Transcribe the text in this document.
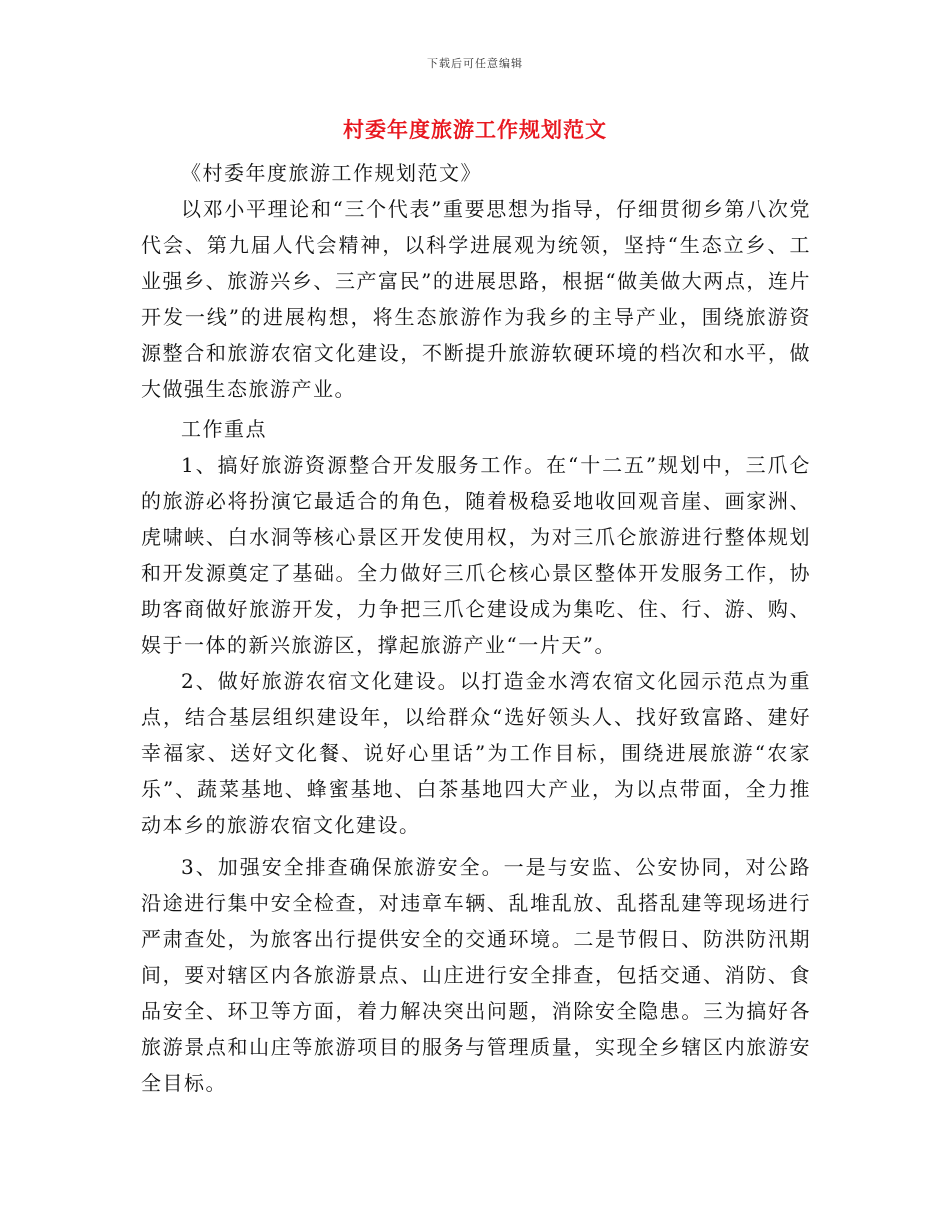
下载后可任意编辑
村委年度旅游工作规划范文

《村委年度旅游工作规划范文》

以邓小平理论和“三个代表”重要思想为指导，仔细贯彻乡第八次党代会、第九届人代会精神，以科学进展观为统领，坚持“生态立乡、工业强乡、旅游兴乡、三产富民”的进展思路，根据“做美做大两点，连片开发一线”的进展构想，将生态旅游作为我乡的主导产业，围绕旅游资源整合和旅游农宿文化建设，不断提升旅游软硬环境的档次和水平，做大做强生态旅游产业。

工作重点

1、搞好旅游资源整合开发服务工作。在“十二五”规划中，三爪仑的旅游必将扮演它最适合的角色，随着极稳妥地收回观音崖、画家洲、虎啸峡、白水洞等核心景区开发使用权，为对三爪仑旅游进行整体规划和开发源奠定了基础。全力做好三爪仑核心景区整体开发服务工作，协助客商做好旅游开发，力争把三爪仑建设成为集吃、住、行、游、购、娱于一体的新兴旅游区，撑起旅游产业“一片天”。

2、做好旅游农宿文化建设。以打造金水湾农宿文化园示范点为重点，结合基层组织建设年，以给群众“选好领头人、找好致富路、建好幸福家、送好文化餐、说好心里话”为工作目标，围绕进展旅游“农家乐”、蔬菜基地、蜂蜜基地、白茶基地四大产业，为以点带面，全力推动本乡的旅游农宿文化建设。

3、加强安全排查确保旅游安全。一是与安监、公安协同，对公路沿途进行集中安全检查，对违章车辆、乱堆乱放、乱搭乱建等现场进行严肃查处，为旅客出行提供安全的交通环境。二是节假日、防洪防汛期间，要对辖区内各旅游景点、山庄进行安全排查，包括交通、消防、食品安全、环卫等方面，着力解决突出问题，消除安全隐患。三为搞好各旅游景点和山庄等旅游项目的服务与管理质量，实现全乡辖区内旅游安全目标。
